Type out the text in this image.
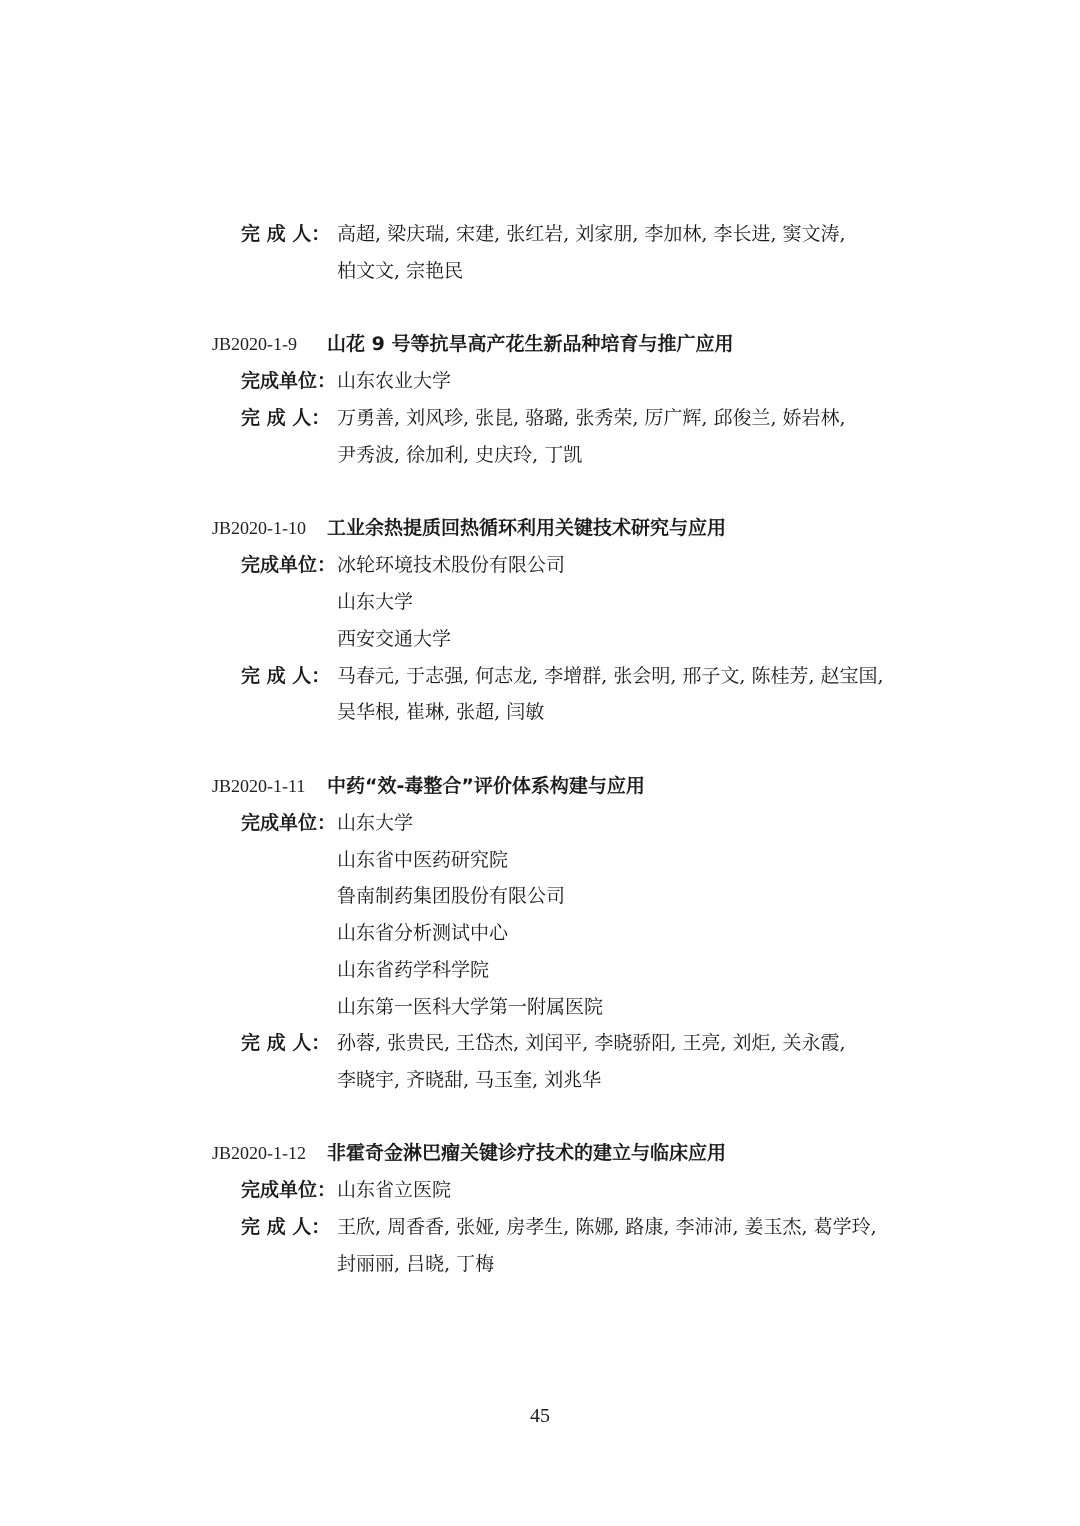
完 成 人： 高超, 梁庆瑞, 宋建, 张红岩, 刘家朋, 李加林, 李长进, 窦文涛,
柏文文, 宗艳民
JB2020-1-9 山花 9 号等抗旱高产花生新品种培育与推广应用
完成单位： 山东农业大学
完 成 人： 万勇善, 刘风珍, 张昆, 骆璐, 张秀荣, 厉广辉, 邱俊兰, 娇岩林,
尹秀波, 徐加利, 史庆玲, 丁凯
JB2020-1-10 工业余热提质回热循环利用关键技术研究与应用
完成单位： 冰轮环境技术股份有限公司
山东大学
西安交通大学
完 成 人： 马春元, 于志强, 何志龙, 李增群, 张会明, 邢子文, 陈桂芳, 赵宝国,
吴华根, 崔琳, 张超, 闫敏
JB2020-1-11 中药“效-毒整合”评价体系构建与应用
完成单位： 山东大学
山东省中医药研究院
鲁南制药集团股份有限公司
山东省分析测试中心
山东省药学科学院
山东第一医科大学第一附属医院
完 成 人： 孙蓉, 张贵民, 王岱杰, 刘闰平, 李晓骄阳, 王亮, 刘炬, 关永霞,
李晓宇, 齐晓甜, 马玉奎, 刘兆华
JB2020-1-12 非霍奇金淋巴瘤关键诊疗技术的建立与临床应用
完成单位： 山东省立医院
完 成 人： 王欣, 周香香, 张娅, 房孝生, 陈娜, 路康, 李沛沛, 姜玉杰, 葛学玲,
封丽丽, 吕晓, 丁梅
45
